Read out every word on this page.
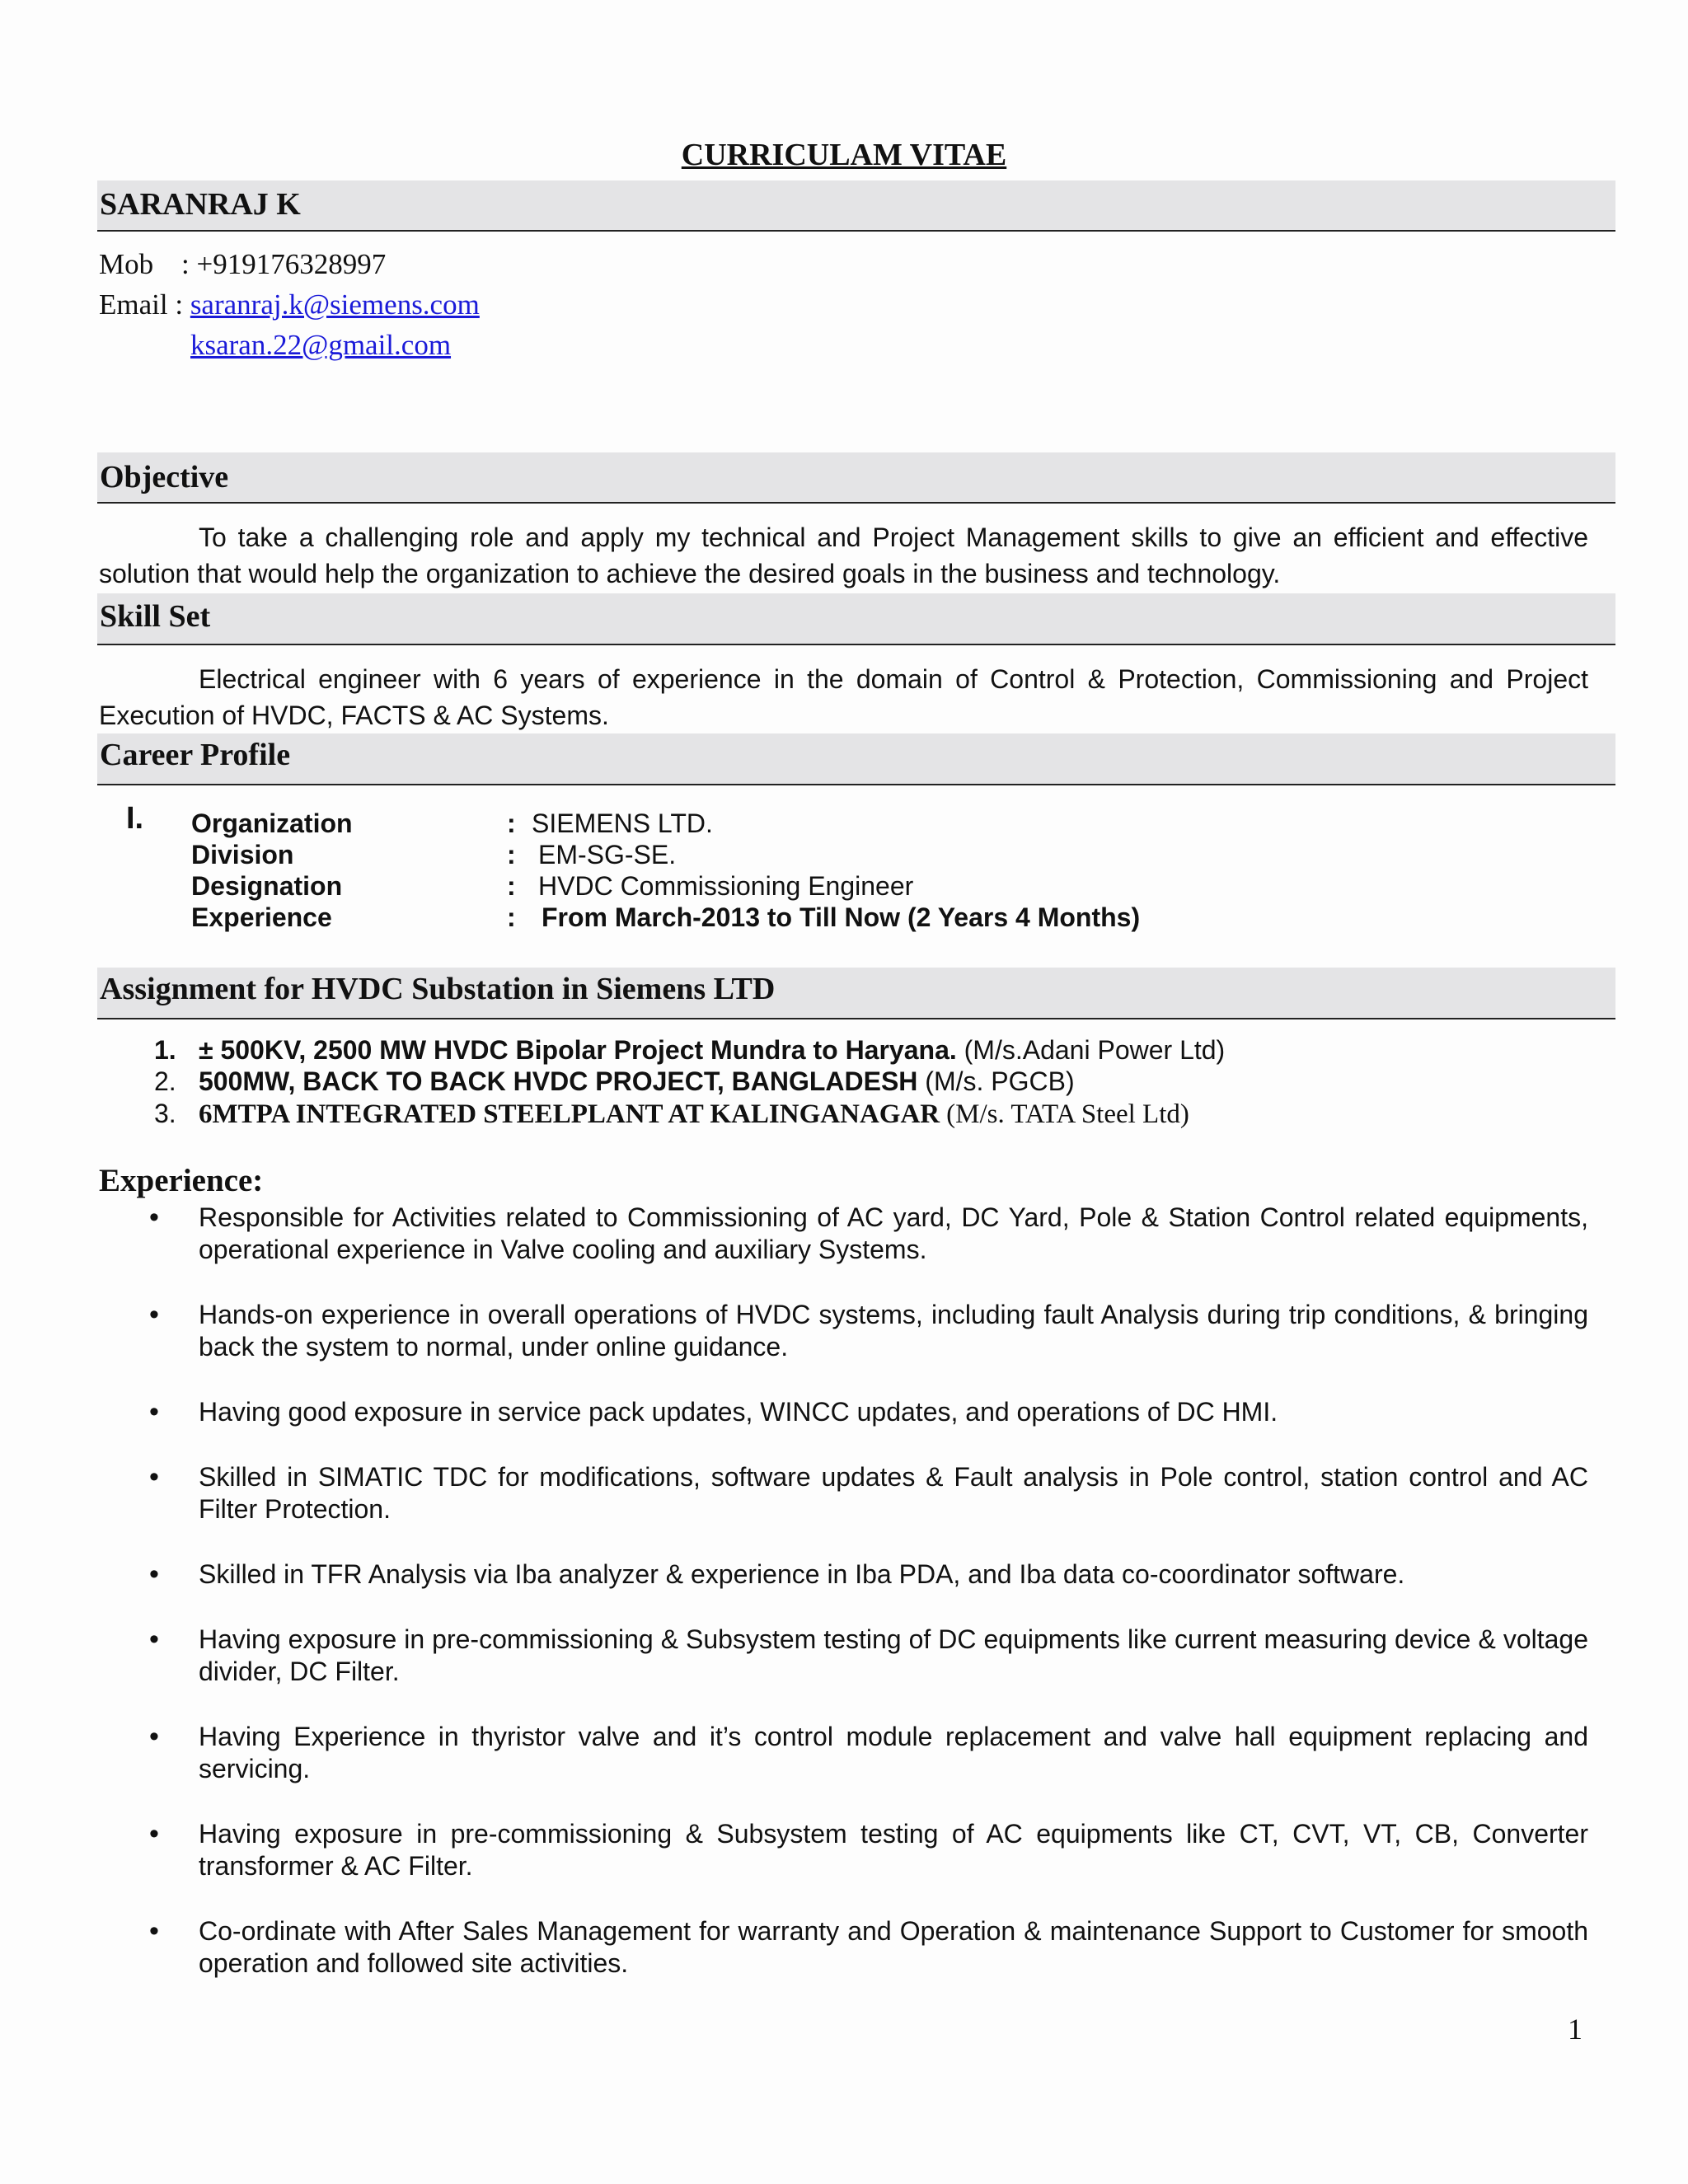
CURRICULAM VITAE
SARANRAJ K
Mob : +919176328997
Email : saranraj.k@siemens.com
ksaran.22@gmail.com
Objective

To take a challenging role and apply my technical and Project Management skills to give an efficient and effective solution that would help the organization to achieve the desired goals in the business and technology.

Skill Set

Electrical engineer with 6 years of experience in the domain of Control & Protection, Commissioning and Project Execution of HVDC, FACTS & AC Systems.

Career Profile
I. Organization	: SIEMENS LTD.
Division	: EM-SG-SE.
Designation	: HVDC Commissioning Engineer
Experience	: From March-2013 to Till Now (2 Years 4 Months)
Assignment for HVDC Substation in Siemens LTD
1. ± 500KV, 2500 MW HVDC Bipolar Project Mundra to Haryana. (M/s.Adani Power Ltd)
2. 500MW, BACK TO BACK HVDC PROJECT, BANGLADESH (M/s. PGCB)
3. 6MTPA INTEGRATED STEELPLANT AT KALINGANAGAR (M/s. TATA Steel Ltd)
Experience:
• Responsible for Activities related to Commissioning of AC yard, DC Yard, Pole & Station Control related equipments, operational experience in Valve cooling and auxiliary Systems.
• Hands-on experience in overall operations of HVDC systems, including fault Analysis during trip conditions, & bringing back the system to normal, under online guidance.
• Having good exposure in service pack updates, WINCC updates, and operations of DC HMI.
• Skilled in SIMATIC TDC for modifications, software updates & Fault analysis in Pole control, station control and AC Filter Protection.
• Skilled in TFR Analysis via Iba analyzer & experience in Iba PDA, and Iba data co-coordinator software.
• Having exposure in pre-commissioning & Subsystem testing of DC equipments like current measuring device & voltage divider, DC Filter.
• Having Experience in thyristor valve and it’s control module replacement and valve hall equipment replacing and servicing.
• Having exposure in pre-commissioning & Subsystem testing of AC equipments like CT, CVT, VT, CB, Converter transformer & AC Filter.
• Co-ordinate with After Sales Management for warranty and Operation & maintenance Support to Customer for smooth operation and followed site activities.
1
